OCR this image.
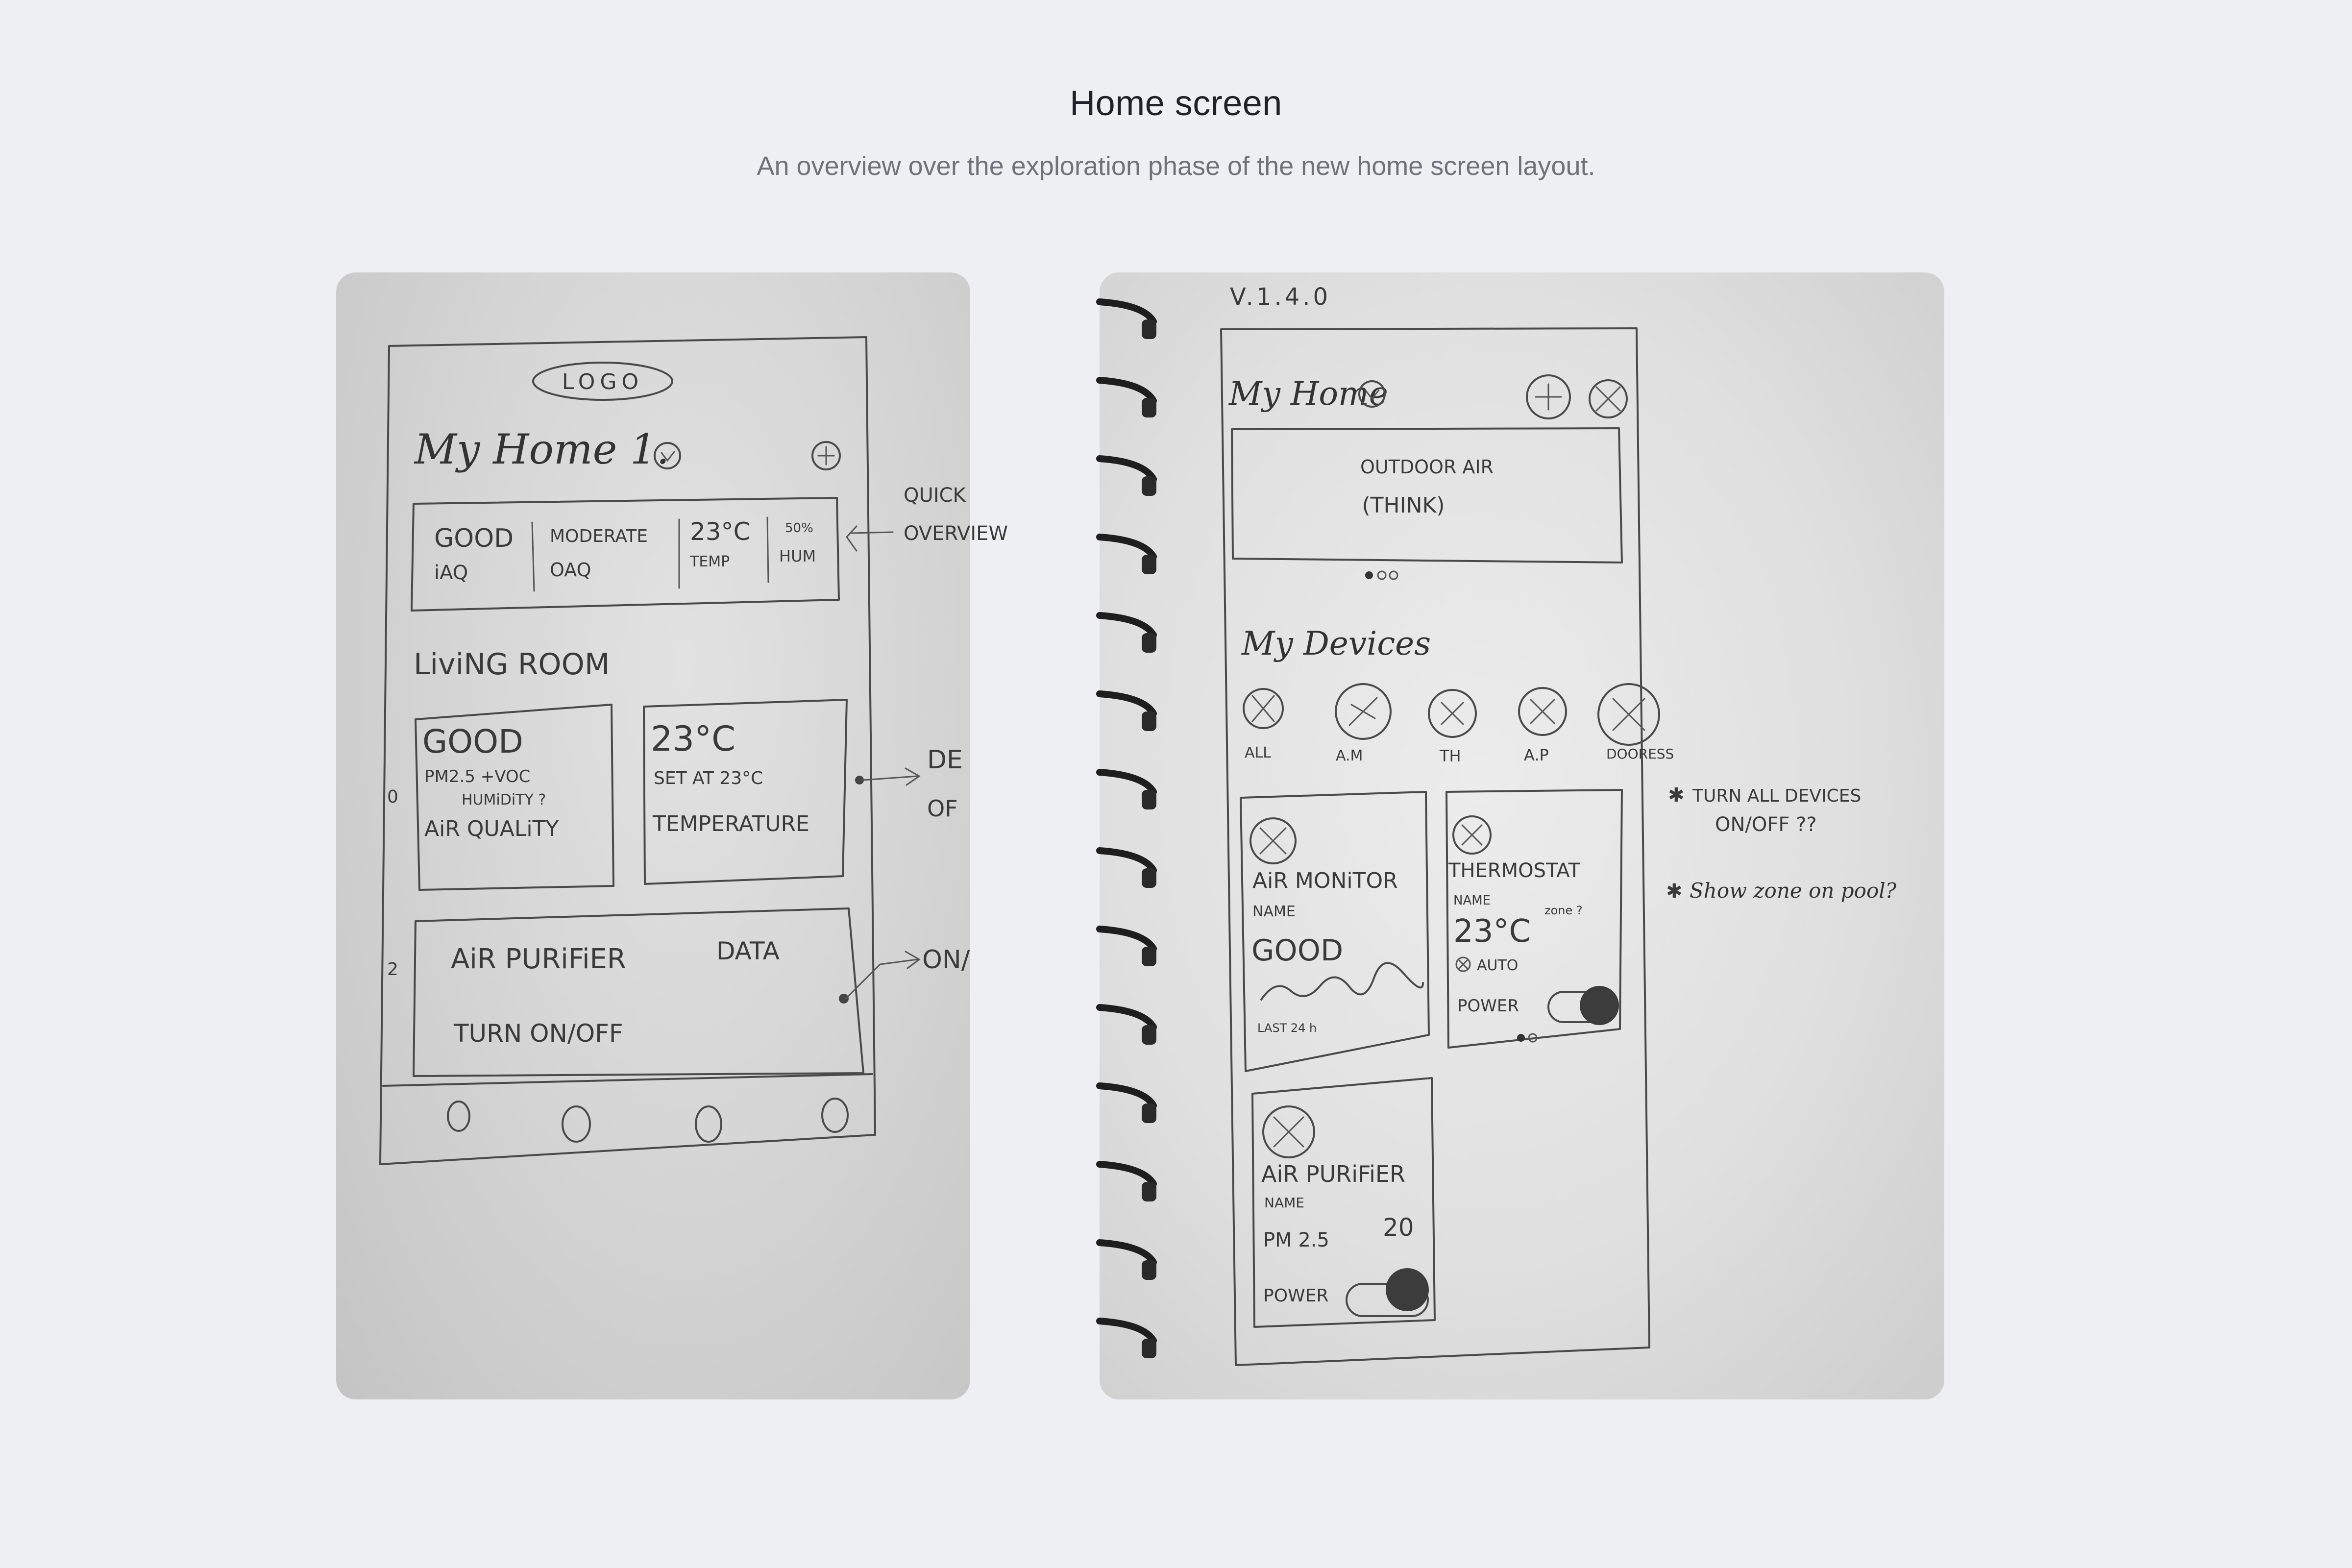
Home screen
An overview over the exploration phase of the new home screen layout.
LOGO
My Home 1.
GOOD
iAQ
MODERATE
OAQ
23°C
TEMP
50%
HUM
QUICK
OVERVIEW
LiviNG ROOM
GOOD
PM2.5 +VOC
HUMiDiTY ?
AiR QUALiTY
0
23°C
SET AT 23°C
TEMPERATURE
DE
OF
AiR PURiFiER	DATA
TURN ON/OFF
2	ON/
V.1.4.0
My Home
OUTDOOR AIR
(THINK)
My Devices
ALL	A.M	TH	A.P	DOORESS
✱ TURN ALL DEVICES
ON/OFF ??
✱ Show zone on pool?
AiR MONiTOR
NAME
GOOD
LAST 24 h
THERMOSTAT
NAME
23°C
zone ?
AUTO
POWER
AiR PURiFiER
NAME
PM 2.5 20
POWER
